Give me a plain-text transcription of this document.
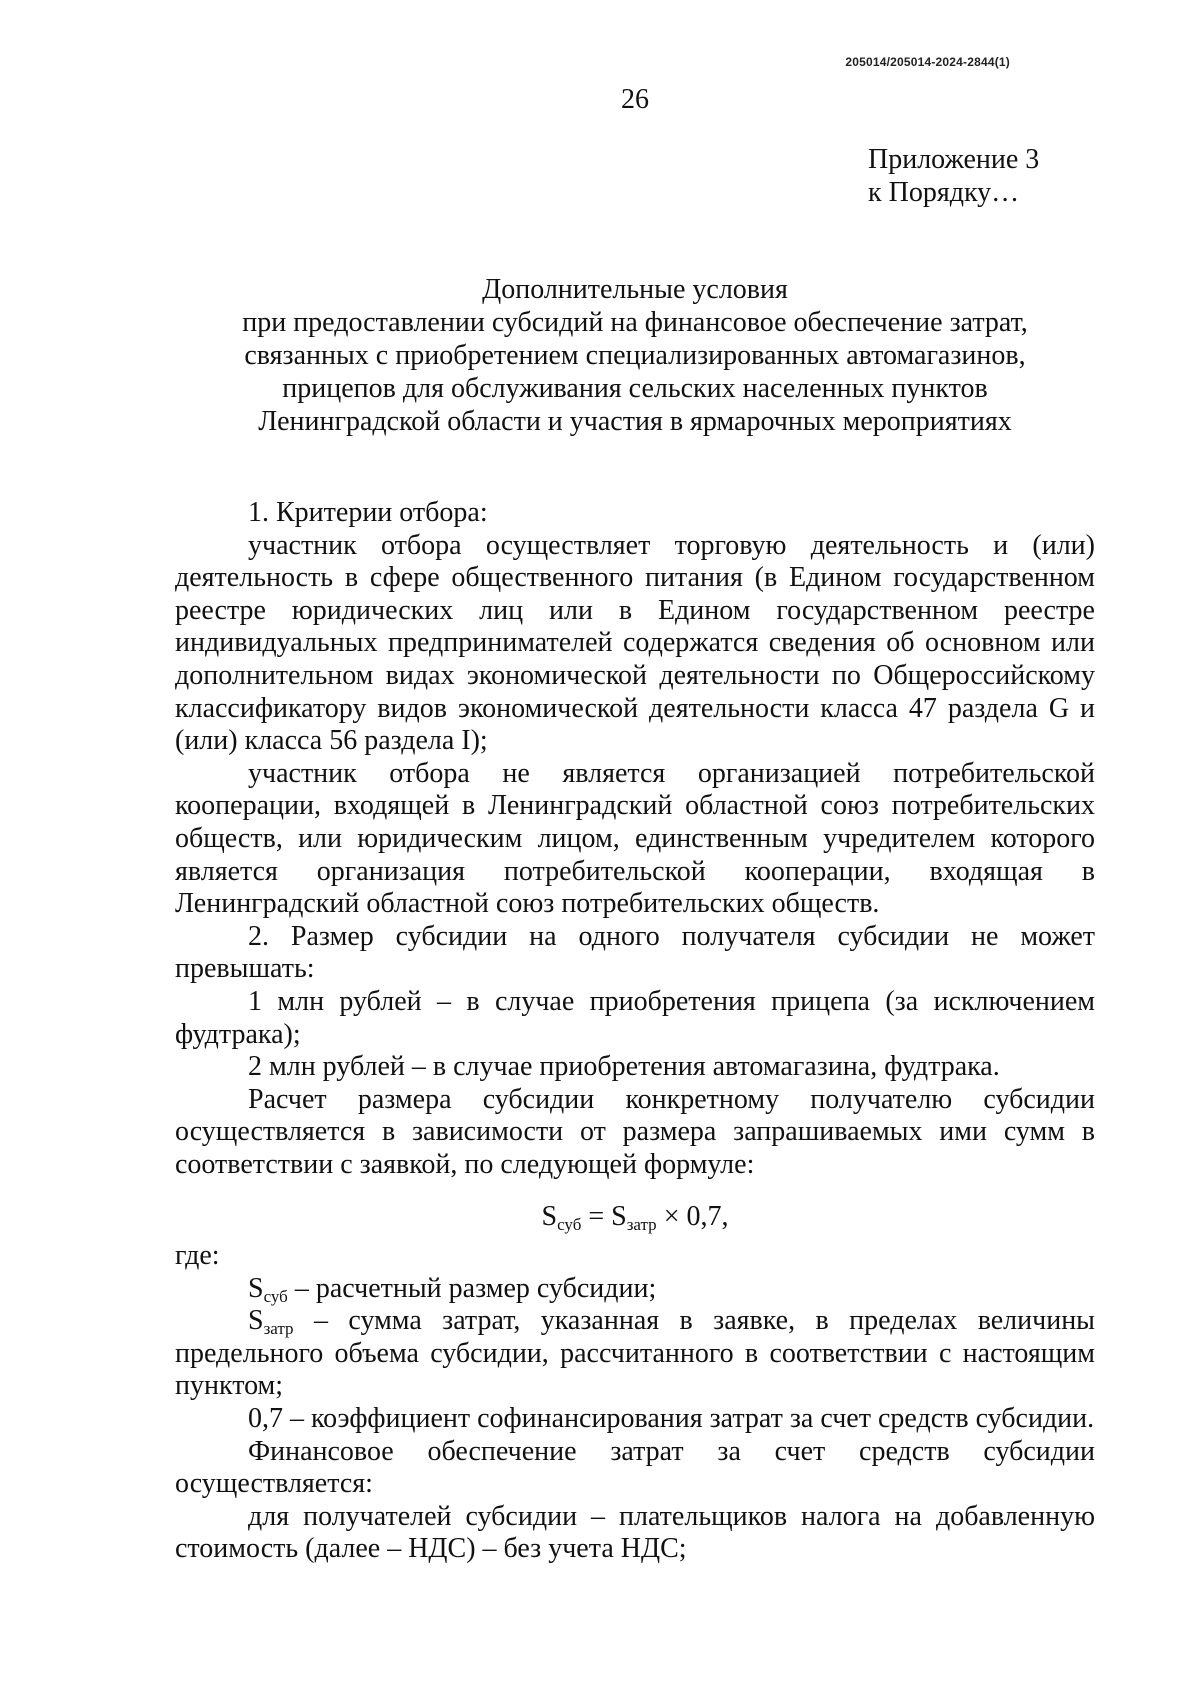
205014/205014-2024-2844(1)
26
Приложение 3
к Порядку…
Дополнительные условия
при предоставлении субсидий на финансовое обеспечение затрат,
связанных с приобретением специализированных автомагазинов,
прицепов для обслуживания сельских населенных пунктов
Ленинградской области и участия в ярмарочных мероприятиях

1. Критерии отбора:

участник отбора осуществляет торговую деятельность и (или) деятельность в сфере общественного питания (в Едином государственном реестре юридических лиц или в Едином государственном реестре индивидуальных предпринимателей содержатся сведения об основном или дополнительном видах экономической деятельности по Общероссийскому классификатору видов экономической деятельности класса 47 раздела G и (или) класса 56 раздела I);

участник отбора не является организацией потребительской кооперации, входящей в Ленинградский областной союз потребительских обществ, или юридическим лицом, единственным учредителем которого является организация потребительской кооперации, входящая в Ленинградский областной союз потребительских обществ.

2. Размер субсидии на одного получателя субсидии не может превышать:

1 млн рублей – в случае приобретения прицепа (за исключением фудтрака);

2 млн рублей – в случае приобретения автомагазина, фудтрака.

Расчет размера субсидии конкретному получателю субсидии осуществляется в зависимости от размера запрашиваемых ими сумм в соответствии с заявкой, по следующей формуле:

$S_{суб} = S_{затр} \times 0,7$,

где:

$S_{суб}$ – расчетный размер субсидии;

$S_{затр}$ – сумма затрат, указанная в заявке, в пределах величины предельного объема субсидии, рассчитанного в соответствии с настоящим пунктом;

0,7 – коэффициент софинансирования затрат за счет средств субсидии.

Финансовое обеспечение затрат за счет средств субсидии осуществляется:

для получателей субсидии – плательщиков налога на добавленную стоимость (далее – НДС) – без учета НДС;
